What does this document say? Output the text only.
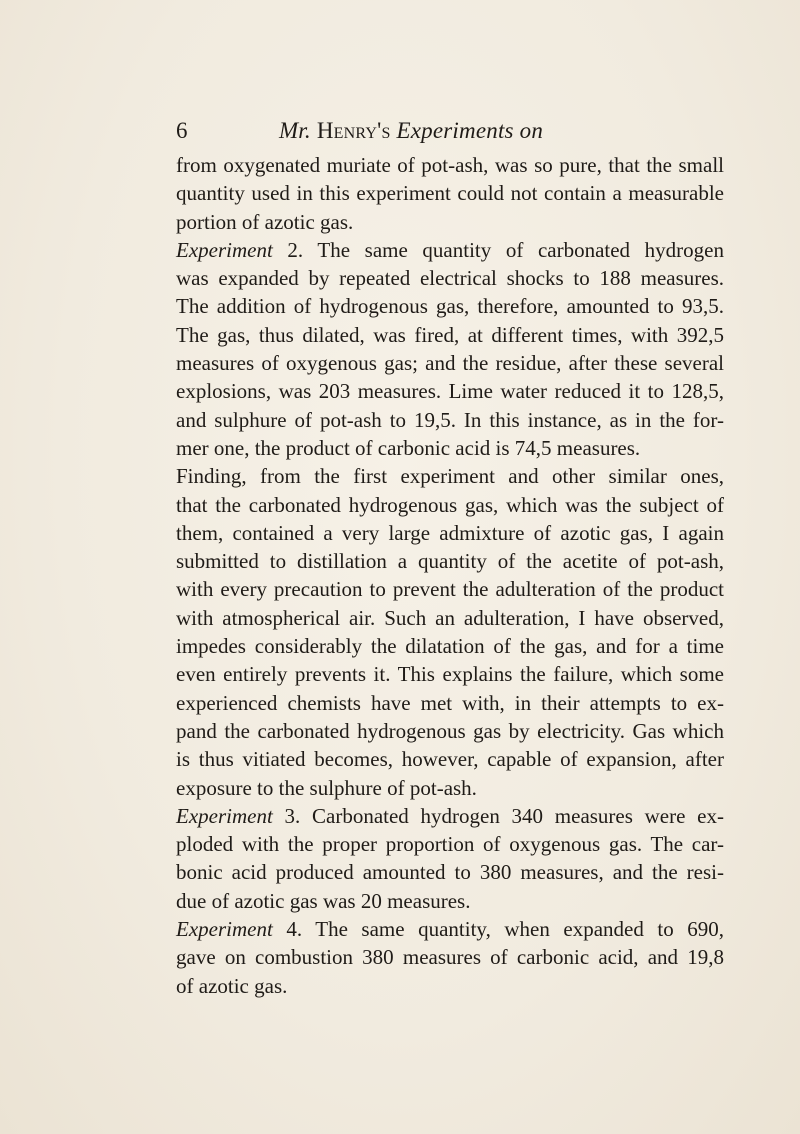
6	Mr. Henry's Experiments on
from oxygenated muriate of pot-ash, was so pure, that the small
quantity used in this experiment could not contain a measurable
portion of azotic gas.
Experiment 2. The same quantity of carbonated hydrogen
was expanded by repeated electrical shocks to 188 measures.
The addition of hydrogenous gas, therefore, amounted to 93,5.
The gas, thus dilated, was fired, at different times, with 392,5
measures of oxygenous gas; and the residue, after these several
explosions, was 203 measures. Lime water reduced it to 128,5,
and sulphure of pot-ash to 19,5. In this instance, as in the for-
mer one, the product of carbonic acid is 74,5 measures.
Finding, from the first experiment and other similar ones,
that the carbonated hydrogenous gas, which was the subject of
them, contained a very large admixture of azotic gas, I again
submitted to distillation a quantity of the acetite of pot-ash,
with every precaution to prevent the adulteration of the product
with atmospherical air. Such an adulteration, I have observed,
impedes considerably the dilatation of the gas, and for a time
even entirely prevents it. This explains the failure, which some
experienced chemists have met with, in their attempts to ex-
pand the carbonated hydrogenous gas by electricity. Gas which
is thus vitiated becomes, however, capable of expansion, after
exposure to the sulphure of pot-ash.
Experiment 3. Carbonated hydrogen 340 measures were ex-
ploded with the proper proportion of oxygenous gas. The car-
bonic acid produced amounted to 380 measures, and the resi-
due of azotic gas was 20 measures.
Experiment 4. The same quantity, when expanded to 690,
gave on combustion 380 measures of carbonic acid, and 19,8
of azotic gas.
